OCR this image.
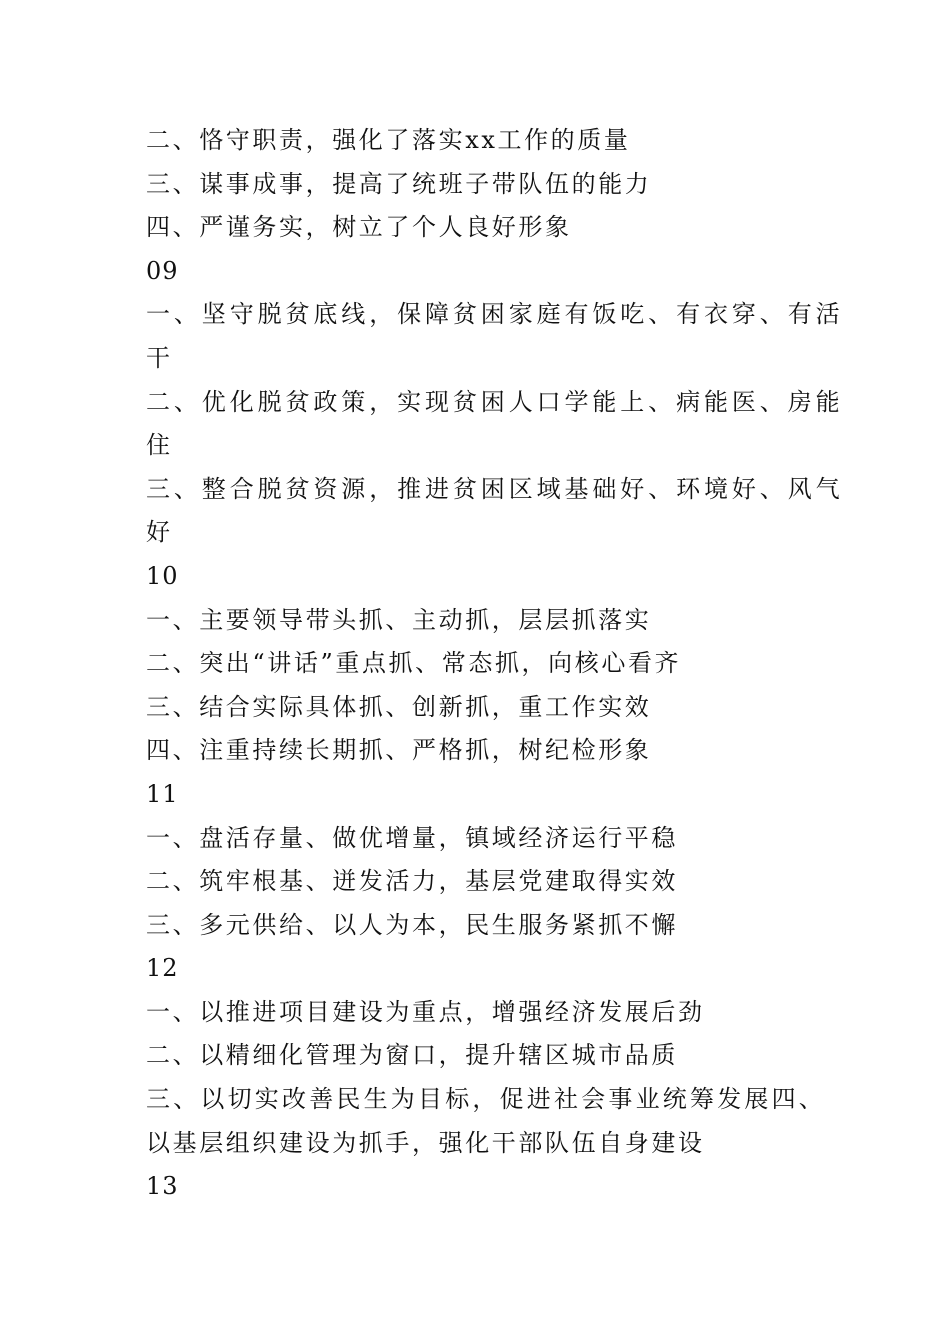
二、恪守职责，强化了落实xx工作的质量
三、谋事成事，提高了统班子带队伍的能力
四、严谨务实，树立了个人良好形象
09
一、坚守脱贫底线，保障贫困家庭有饭吃、有衣穿、有活
干
二、优化脱贫政策，实现贫困人口学能上、病能医、房能
住
三、整合脱贫资源，推进贫困区域基础好、环境好、风气
好
10
一、主要领导带头抓、主动抓，层层抓落实
二、突出“讲话”重点抓、常态抓，向核心看齐
三、结合实际具体抓、创新抓，重工作实效
四、注重持续长期抓、严格抓，树纪检形象
11
一、盘活存量、做优增量，镇域经济运行平稳
二、筑牢根基、迸发活力，基层党建取得实效
三、多元供给、以人为本，民生服务紧抓不懈
12
一、以推进项目建设为重点，增强经济发展后劲
二、以精细化管理为窗口，提升辖区城市品质
三、以切实改善民生为目标，促进社会事业统筹发展四、
以基层组织建设为抓手，强化干部队伍自身建设
13
